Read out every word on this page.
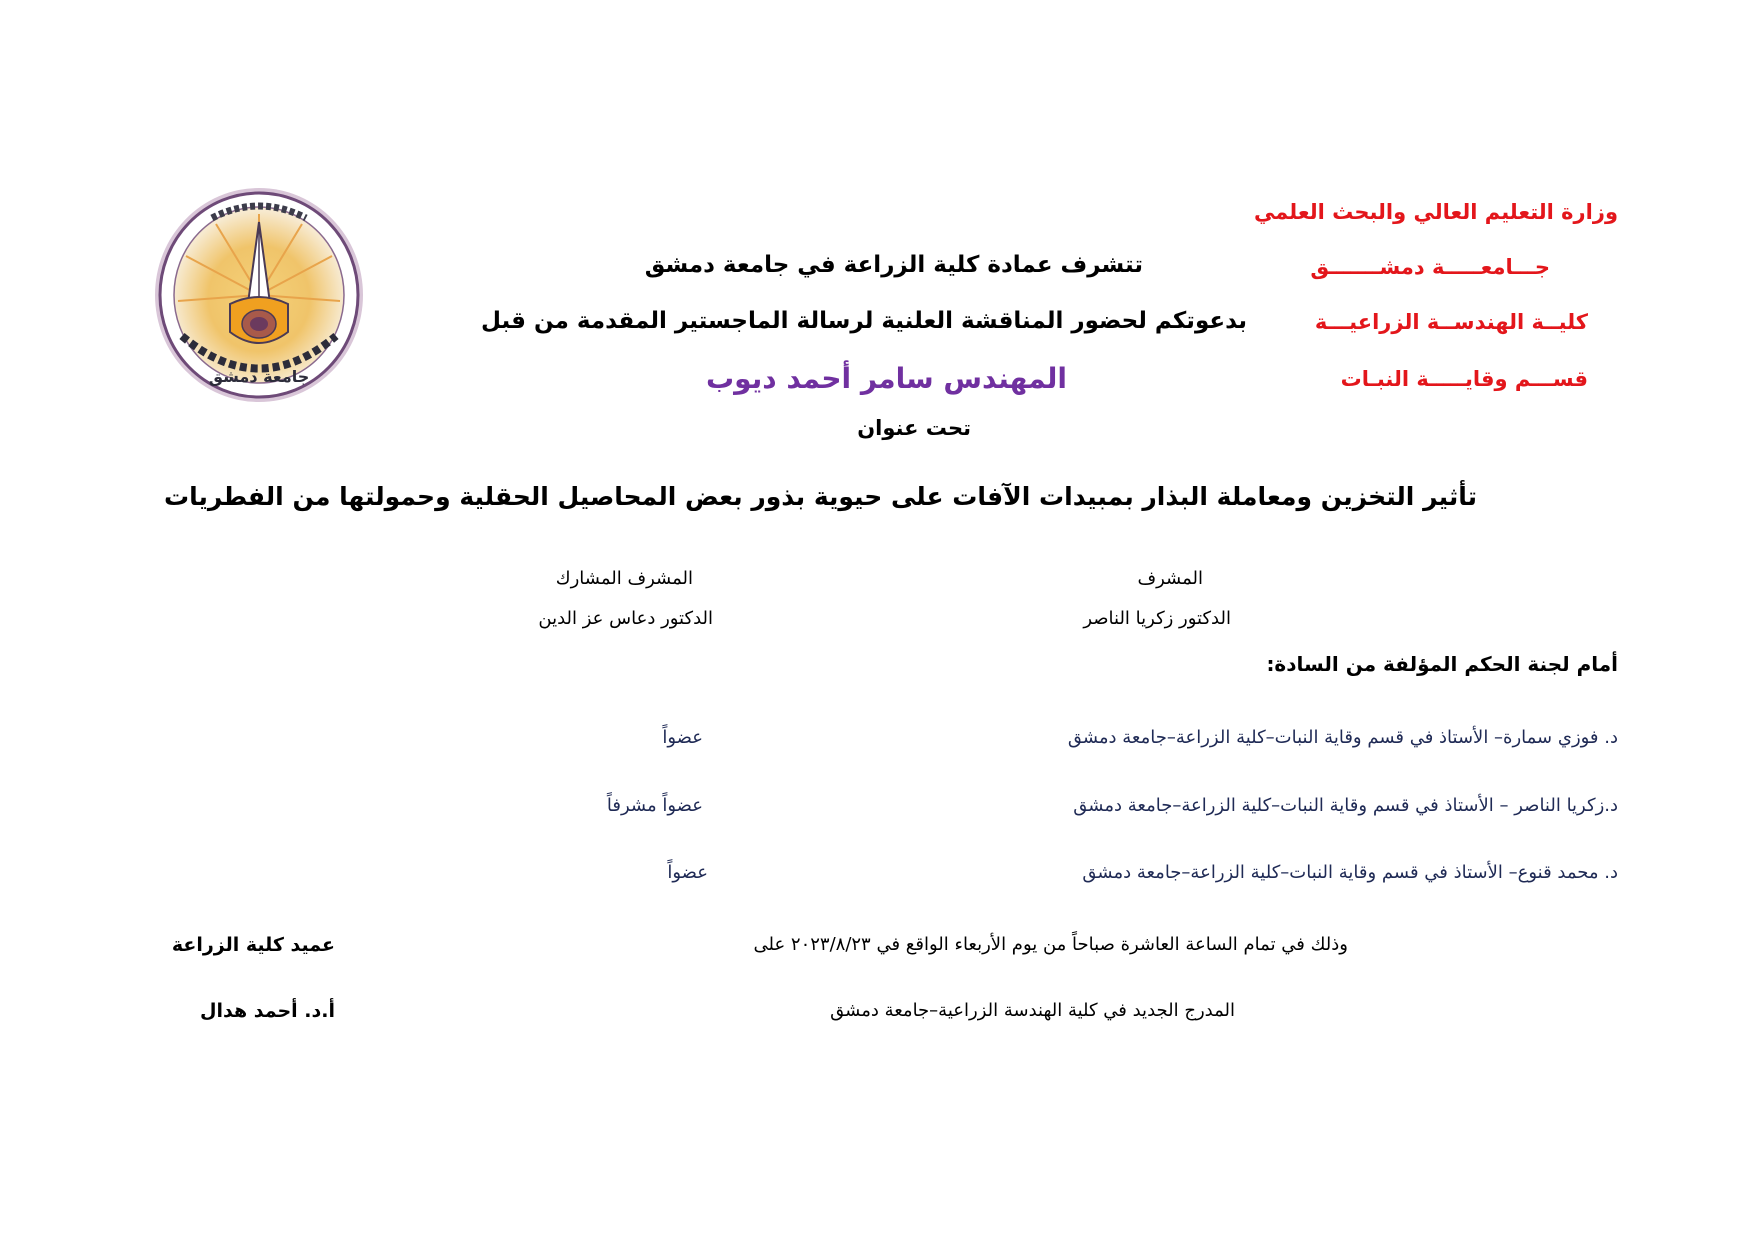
جامعة دمشق
وزارة التعليم العالي والبحث العلمي
جـــامعـــــة دمشـــــــق
كليــة الهندســة الزراعيـــة
قســـم وقايـــــة النبـات
تتشرف عمادة كلية الزراعة في جامعة دمشق
بدعوتكم لحضور المناقشة العلنية لرسالة الماجستير المقدمة من قبل
المهندس سامر أحمد ديوب
تحت عنوان
تأثير التخزين ومعاملة البذار بمبيدات الآفات على حيوية بذور بعض المحاصيل الحقلية وحمولتها من الفطريات
المشرف
الدكتور زكريا الناصر
المشرف المشارك
الدكتور دعاس عز الدين
أمام لجنة الحكم المؤلفة من السادة:
د. فوزي سمارة– الأستاذ في قسم وقاية النبات–كلية الزراعة–جامعة دمشق
عضواً
د.زكريا الناصر – الأستاذ في قسم وقاية النبات–كلية الزراعة–جامعة دمشق
عضواً مشرفاً
د. محمد قنوع– الأستاذ في قسم وقاية النبات–كلية الزراعة–جامعة دمشق
عضواً
وذلك في تمام الساعة العاشرة صباحاً من يوم الأربعاء الواقع في ٢٠٢٣/٨/٢٣ على
المدرج الجديد في كلية الهندسة الزراعية–جامعة دمشق
عميد كلية الزراعة
أ.د. أحمد هدال
